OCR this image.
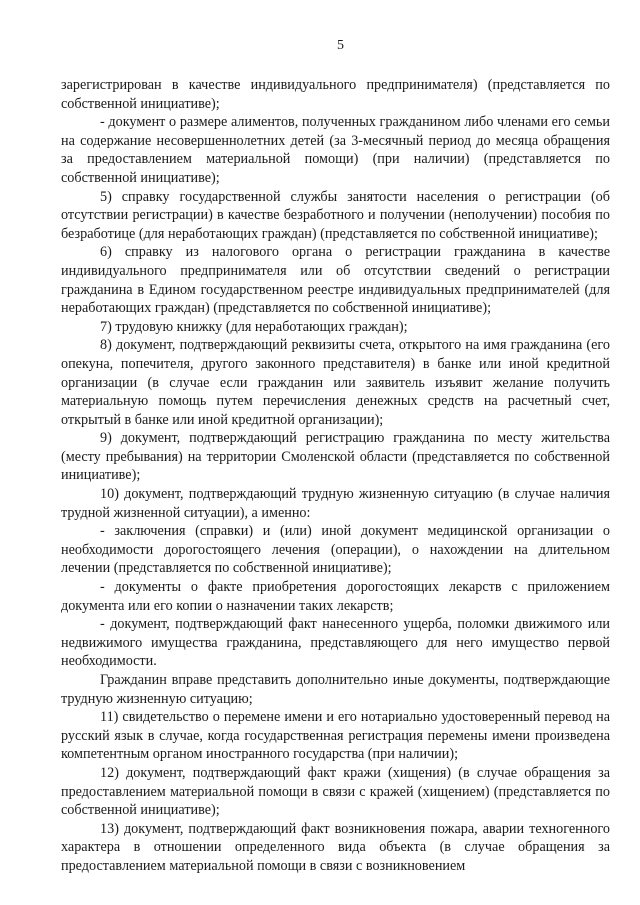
5

зарегистрирован в качестве индивидуального предпринимателя) (представляется по собственной инициативе);

- документ о размере алиментов, полученных гражданином либо членами его семьи на содержание несовершеннолетних детей (за 3-месячный период до месяца обращения за предоставлением материальной помощи) (при наличии) (представляется по собственной инициативе);

5) справку государственной службы занятости населения о регистрации (об отсутствии регистрации) в качестве безработного и получении (неполучении) пособия по безработице (для неработающих граждан) (представляется по собственной инициативе);

6) справку из налогового органа о регистрации гражданина в качестве индивидуального предпринимателя или об отсутствии сведений о регистрации гражданина в Едином государственном реестре индивидуальных предпринимателей (для неработающих граждан) (представляется по собственной инициативе);

7) трудовую книжку (для неработающих граждан);

8) документ, подтверждающий реквизиты счета, открытого на имя гражданина (его опекуна, попечителя, другого законного представителя) в банке или иной кредитной организации (в случае если гражданин или заявитель изъявит желание получить материальную помощь путем перечисления денежных средств на расчетный счет, открытый в банке или иной кредитной организации);

9) документ, подтверждающий регистрацию гражданина по месту жительства (месту пребывания) на территории Смоленской области (представляется по собственной инициативе);

10) документ, подтверждающий трудную жизненную ситуацию (в случае наличия трудной жизненной ситуации), а именно:

- заключения (справки) и (или) иной документ медицинской организации о необходимости дорогостоящего лечения (операции), о нахождении на длительном лечении (представляется по собственной инициативе);

- документы о факте приобретения дорогостоящих лекарств с приложением документа или его копии о назначении таких лекарств;

- документ, подтверждающий факт нанесенного ущерба, поломки движимого или недвижимого имущества гражданина, представляющего для него имущество первой необходимости.

Гражданин вправе представить дополнительно иные документы, подтверждающие трудную жизненную ситуацию;

11) свидетельство о перемене имени и его нотариально удостоверенный перевод на русский язык в случае, когда государственная регистрация перемены имени произведена компетентным органом иностранного государства (при наличии);

12) документ, подтверждающий факт кражи (хищения) (в случае обращения за предоставлением материальной помощи в связи с кражей (хищением) (представляется по собственной инициативе);

13) документ, подтверждающий факт возникновения пожара, аварии техногенного характера в отношении определенного вида объекта (в случае обращения за предоставлением материальной помощи в связи с возникновением
